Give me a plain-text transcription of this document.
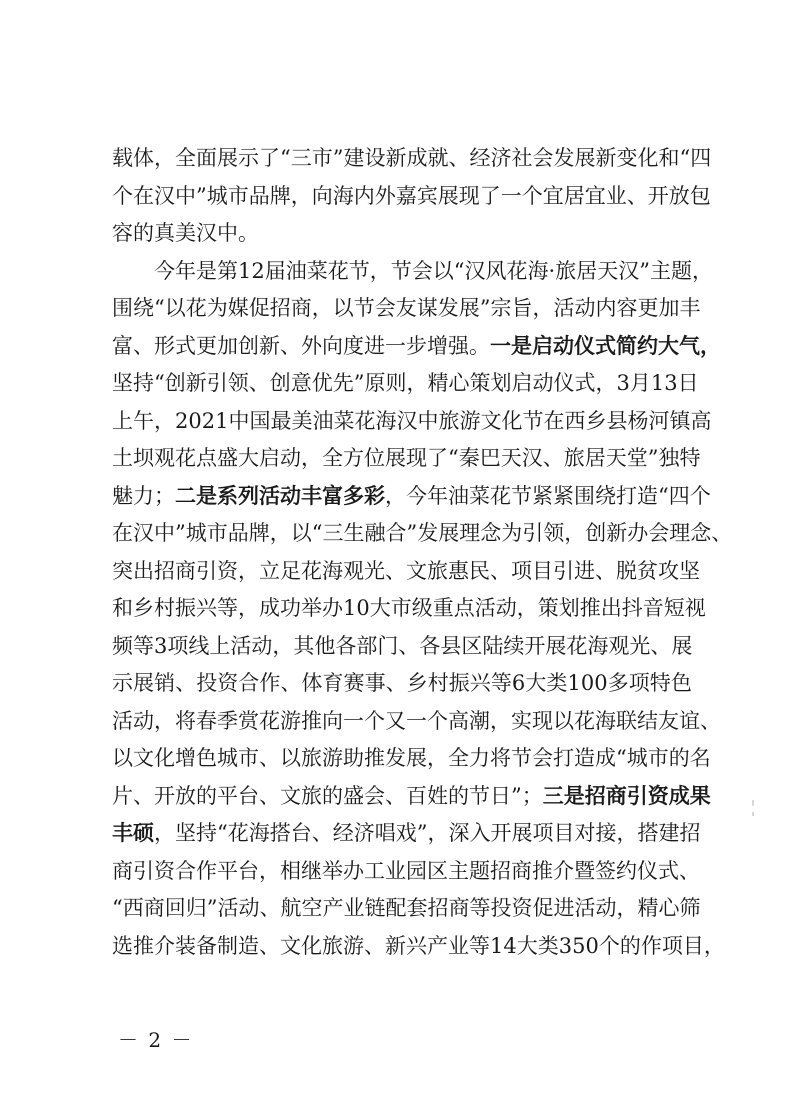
载 体 ， 全 面 展 示 了 “ 三 市 ” 建 设 新 成 就 、 经 济 社 会 发 展 新 变 化 和 “ 四
个 在 汉 中 ” 城 市 品 牌 ， 向 海 内 外 嘉 宾 展 现 了 一 个 宜 居 宜 业 、 开 放 包
容 的 真 美 汉 中 。
今 年 是 第 1 2 届 油 菜 花 节 ， 节 会 以 “ 汉 风 花 海 · 旅 居 天 汉 ” 主 题 ，
围 绕 “ 以 花 为 媒 促 招 商 ， 以 节 会 友 谋 发 展 ” 宗 旨 ， 活 动 内 容 更 加 丰
富 、 形 式 更 加 创 新 、 外 向 度 进 一 步 增 强 。 一 是 启 动 仪 式 简 约 大 气 ，
坚 持 “ 创 新 引 领 、 创 意 优 先 ” 原 则 ， 精 心 策 划 启 动 仪 式 ， 3 月 1 3 日
上 午 ， 2 0 2 1 中 国 最 美 油 菜 花 海 汉 中 旅 游 文 化 节 在 西 乡 县 杨 河 镇 高
土 坝 观 花 点 盛 大 启 动 ， 全 方 位 展 现 了 “ 秦 巴 天 汉 、 旅 居 天 堂 ” 独 特
魅 力 ； 二 是 系 列 活 动 丰 富 多 彩 ， 今 年 油 菜 花 节 紧 紧 围 绕 打 造 “ 四 个
在 汉 中 ” 城 市 品 牌 ， 以 “ 三 生 融 合 ” 发 展 理 念 为 引 领 ， 创 新 办 会 理 念 、
突 出 招 商 引 资 ， 立 足 花 海 观 光 、 文 旅 惠 民 、 项 目 引 进 、 脱 贫 攻 坚
和 乡 村 振 兴 等 ， 成 功 举 办 1 0 大 市 级 重 点 活 动 ， 策 划 推 出 抖 音 短 视
频 等 3 项 线 上 活 动 ， 其 他 各 部 门 、 各 县 区 陆 续 开 展 花 海 观 光 、 展
示 展 销 、 投 资 合 作 、 体 育 赛 事 、 乡 村 振 兴 等 6 大 类 1 0 0 多 项 特 色
活 动 ， 将 春 季 赏 花 游 推 向 一 个 又 一 个 高 潮 ， 实 现 以 花 海 联 结 友 谊 、
以 文 化 增 色 城 市 、 以 旅 游 助 推 发 展 ， 全 力 将 节 会 打 造 成 “ 城 市 的 名
片 、 开 放 的 平 台 、 文 旅 的 盛 会 、 百 姓 的 节 日 ” ； 三 是 招 商 引 资 成 果
丰 硕 ， 坚 持 “ 花 海 搭 台 、 经 济 唱 戏 ” ， 深 入 开 展 项 目 对 接 ， 搭 建 招
商 引 资 合 作 平 台 ， 相 继 举 办 工 业 园 区 主 题 招 商 推 介 暨 签 约 仪 式 、
“ 西 商 回 归 ” 活 动 、 航 空 产 业 链 配 套 招 商 等 投 资 促 进 活 动 ， 精 心 筛
选 推 介 装 备 制 造 、 文 化 旅 游 、 新 兴 产 业 等 1 4 大 类 3 5 0 个 的 作 项 目 ，
－ 2 －
